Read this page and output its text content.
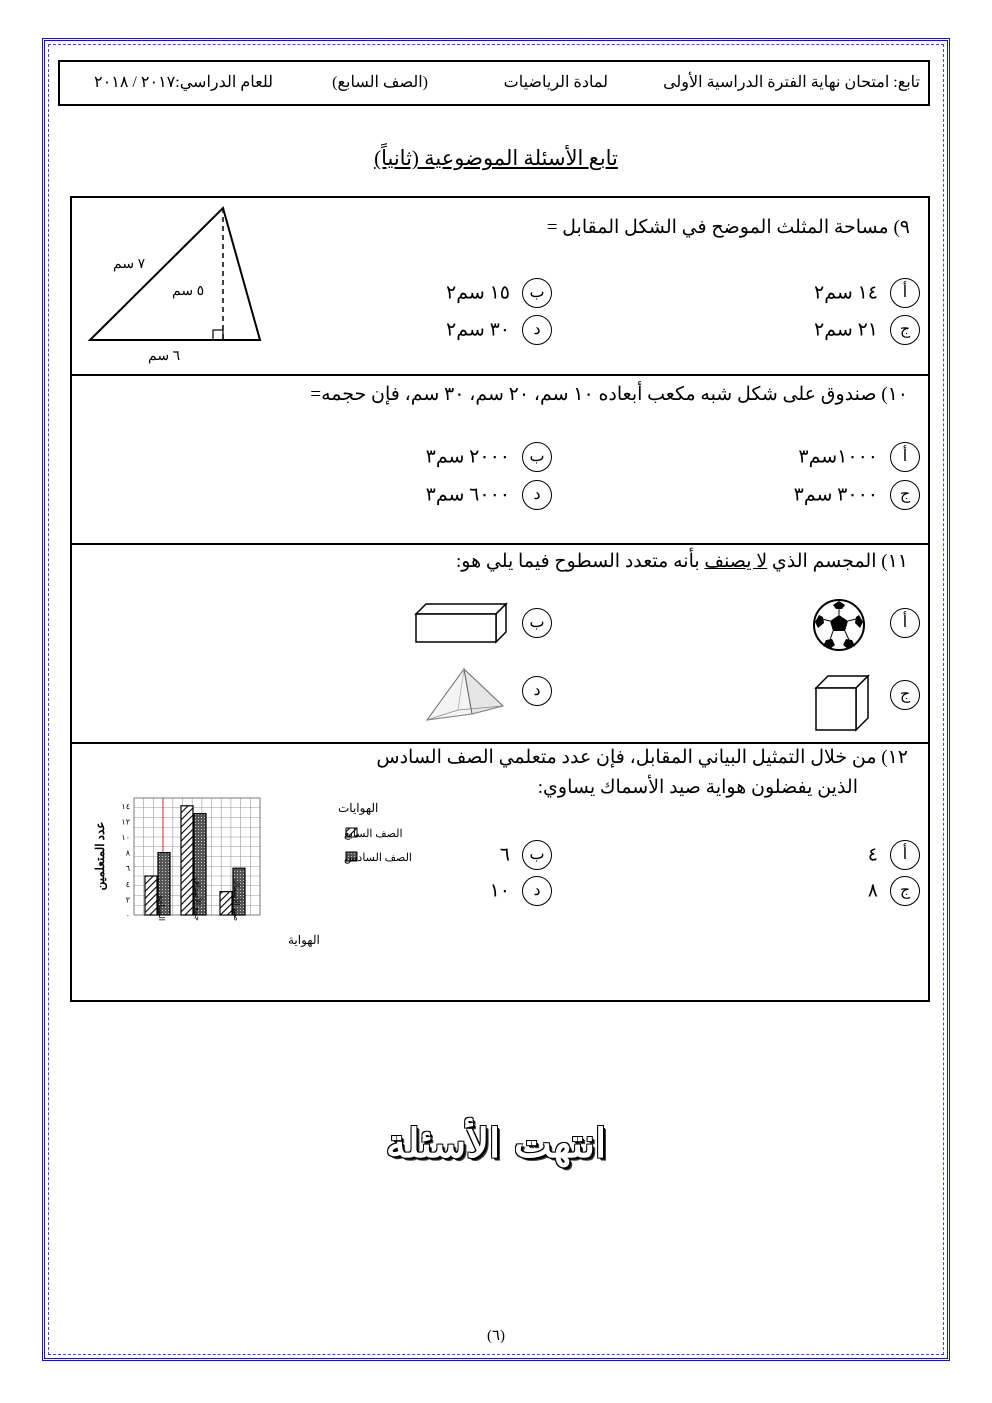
تابع: امتحان نهاية الفترة الدراسية الأولى
لمادة الرياضيات
(الصف السابع)
للعام الدراسي:٢٠١٧ / ٢٠١٨
تابع الأسئلة الموضوعية (ثانياً)
٩) مساحة المثلث الموضح في الشكل المقابل =
٧ سم
٥ سم
٦ سم
أ١٤ سم٢
ب١٥ سم٢
ج٢١ سم٢
د٣٠ سم٢
١٠) صندوق على شكل شبه مكعب أبعاده ١٠ سم، ٢٠ سم، ٣٠ سم، فإن حجمه=
أ١٠٠٠سم٣
ب٢٠٠٠ سم٣
ج٣٠٠٠ سم٣
د٦٠٠٠ سم٣
١١) المجسم الذي لا يصنف بأنه متعدد السطوح فيما يلي هو:
أ
ب
ج
د
١٢) من خلال التمثيل البياني المقابل، فإن عدد متعلمي الصف السادس
الذين يفضلون هواية صيد الأسماك يساوي:
أ٤
ب٦
ج٨
د١٠
٠
٢
٤
٦
٨
١٠
١٢
١٤
عدد المتعلمين
السباحة	جمع الأصداف	صيد الأسماك
الهواية
الهوايات
الصف السابع
الصف السادس
انتهت الأسئلة
(٦)
